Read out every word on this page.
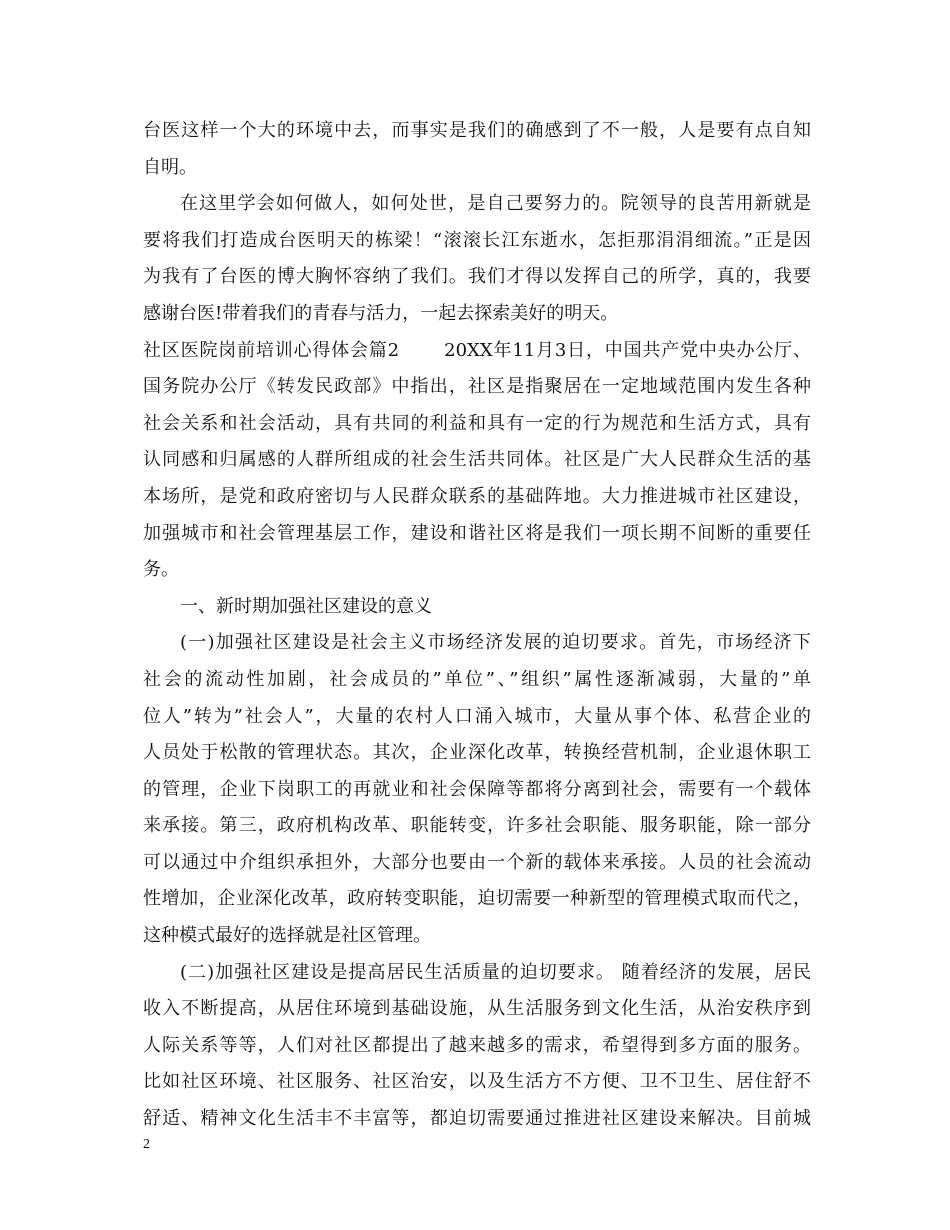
台医这样一个大的环境中去，而事实是我们的确感到了不一般，人是要有点自知
自明。
在这里学会如何做人，如何处世，是自己要努力的。院领导的良苦用新就是
要将我们打造成台医明天的栋梁！“滚滚长江东逝水，怎拒那涓涓细流。”正是因
为我有了台医的博大胸怀容纳了我们。我们才得以发挥自己的所学，真的，我要
感谢台医!带着我们的青春与活力，一起去探索美好的明天。
社区医院岗前培训心得体会篇2　　 20XX年11月3日，中国共产党中央办公厅、
国务院办公厅《转发民政部》中指出，社区是指聚居在一定地域范围内发生各种
社会关系和社会活动，具有共同的利益和具有一定的行为规范和生活方式，具有
认同感和归属感的人群所组成的社会生活共同体。社区是广大人民群众生活的基
本场所，是党和政府密切与人民群众联系的基础阵地。大力推进城市社区建设，
加强城市和社会管理基层工作，建设和谐社区将是我们一项长期不间断的重要任
务。
一、新时期加强社区建设的意义
(一)加强社区建设是社会主义市场经济发展的迫切要求。首先，市场经济下
社会的流动性加剧，社会成员的”单位”、”组织”属性逐渐减弱，大量的”单
位人”转为”社会人”，大量的农村人口涌入城市，大量从事个体、私营企业的
人员处于松散的管理状态。其次，企业深化改革，转换经营机制，企业退休职工
的管理，企业下岗职工的再就业和社会保障等都将分离到社会，需要有一个载体
来承接。第三，政府机构改革、职能转变，许多社会职能、服务职能，除一部分
可以通过中介组织承担外，大部分也要由一个新的载体来承接。人员的社会流动
性增加，企业深化改革，政府转变职能，迫切需要一种新型的管理模式取而代之，
这种模式最好的选择就是社区管理。
(二)加强社区建设是提高居民生活质量的迫切要求。 随着经济的发展，居民
收入不断提高，从居住环境到基础设施，从生活服务到文化生活，从治安秩序到
人际关系等等，人们对社区都提出了越来越多的需求，希望得到多方面的服务。
比如社区环境、社区服务、社区治安，以及生活方不方便、卫不卫生、居住舒不
舒适、精神文化生活丰不丰富等，都迫切需要通过推进社区建设来解决。目前城
2
